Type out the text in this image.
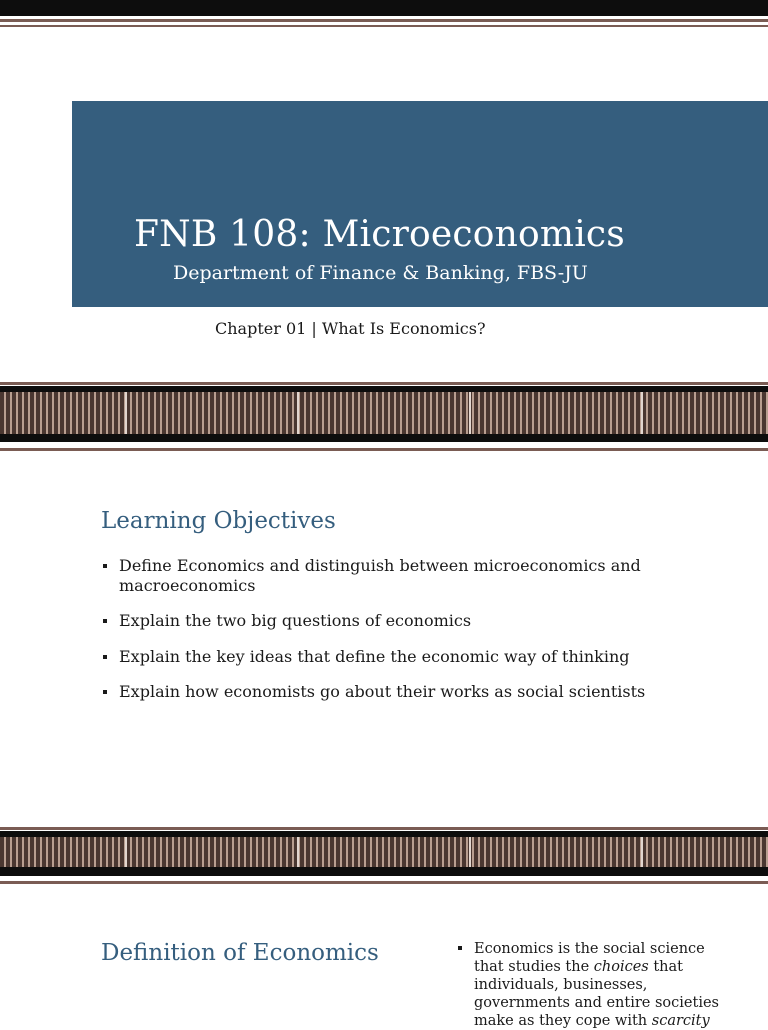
FNB 108: Microeconomics
Department of Finance & Banking, FBS-JU
Chapter 01 | What Is Economics?
Learning Objectives
Define Economics and distinguish between microeconomics and macroeconomics
Explain the two big questions of economics
Explain the key ideas that define the economic way of thinking
Explain how economists go about their works as social scientists
Definition of Economics	Economics is the social science that studies the choices that individuals, businesses, governments and entire societies make as they cope with scarcity
